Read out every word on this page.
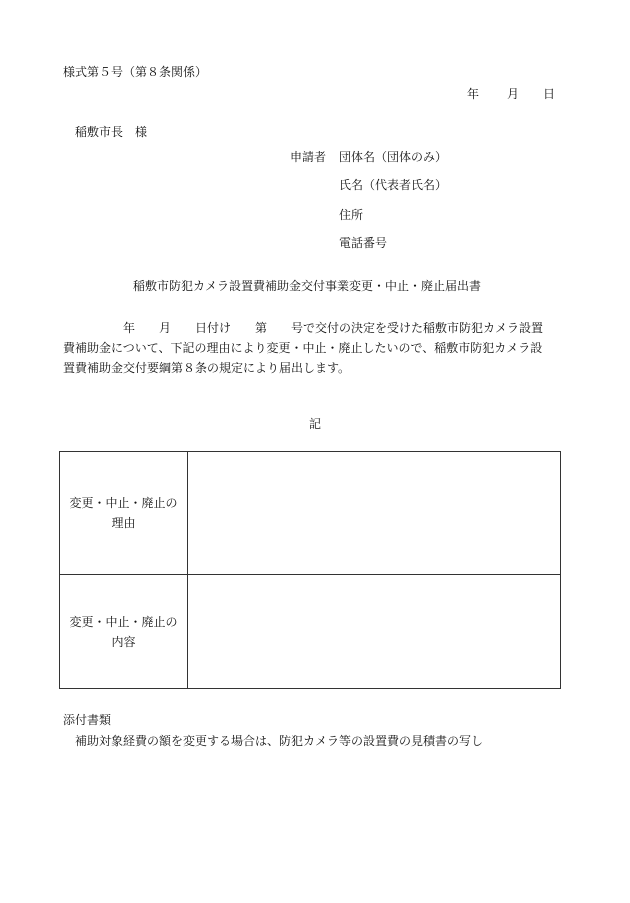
様式第５号（第８条関係）
年 月 日
稲敷市長　様
申請者 団体名（団体のみ）
氏名（代表者氏名）
住所
電話番号
稲敷市防犯カメラ設置費補助金交付事業変更・中止・廃止届出書
　　　　　年　　月　　日付け　　第　　号で交付の決定を受けた稲敷市防犯カメラ設置
費補助金について、下記の理由により変更・中止・廃止したいので、稲敷市防犯カメラ設
置費補助金交付要綱第８条の規定により届出します。
記
変更・中止・廃止の
理由	

変更・中止・廃止の
内容	

添付書類
補助対象経費の額を変更する場合は、防犯カメラ等の設置費の見積書の写し
